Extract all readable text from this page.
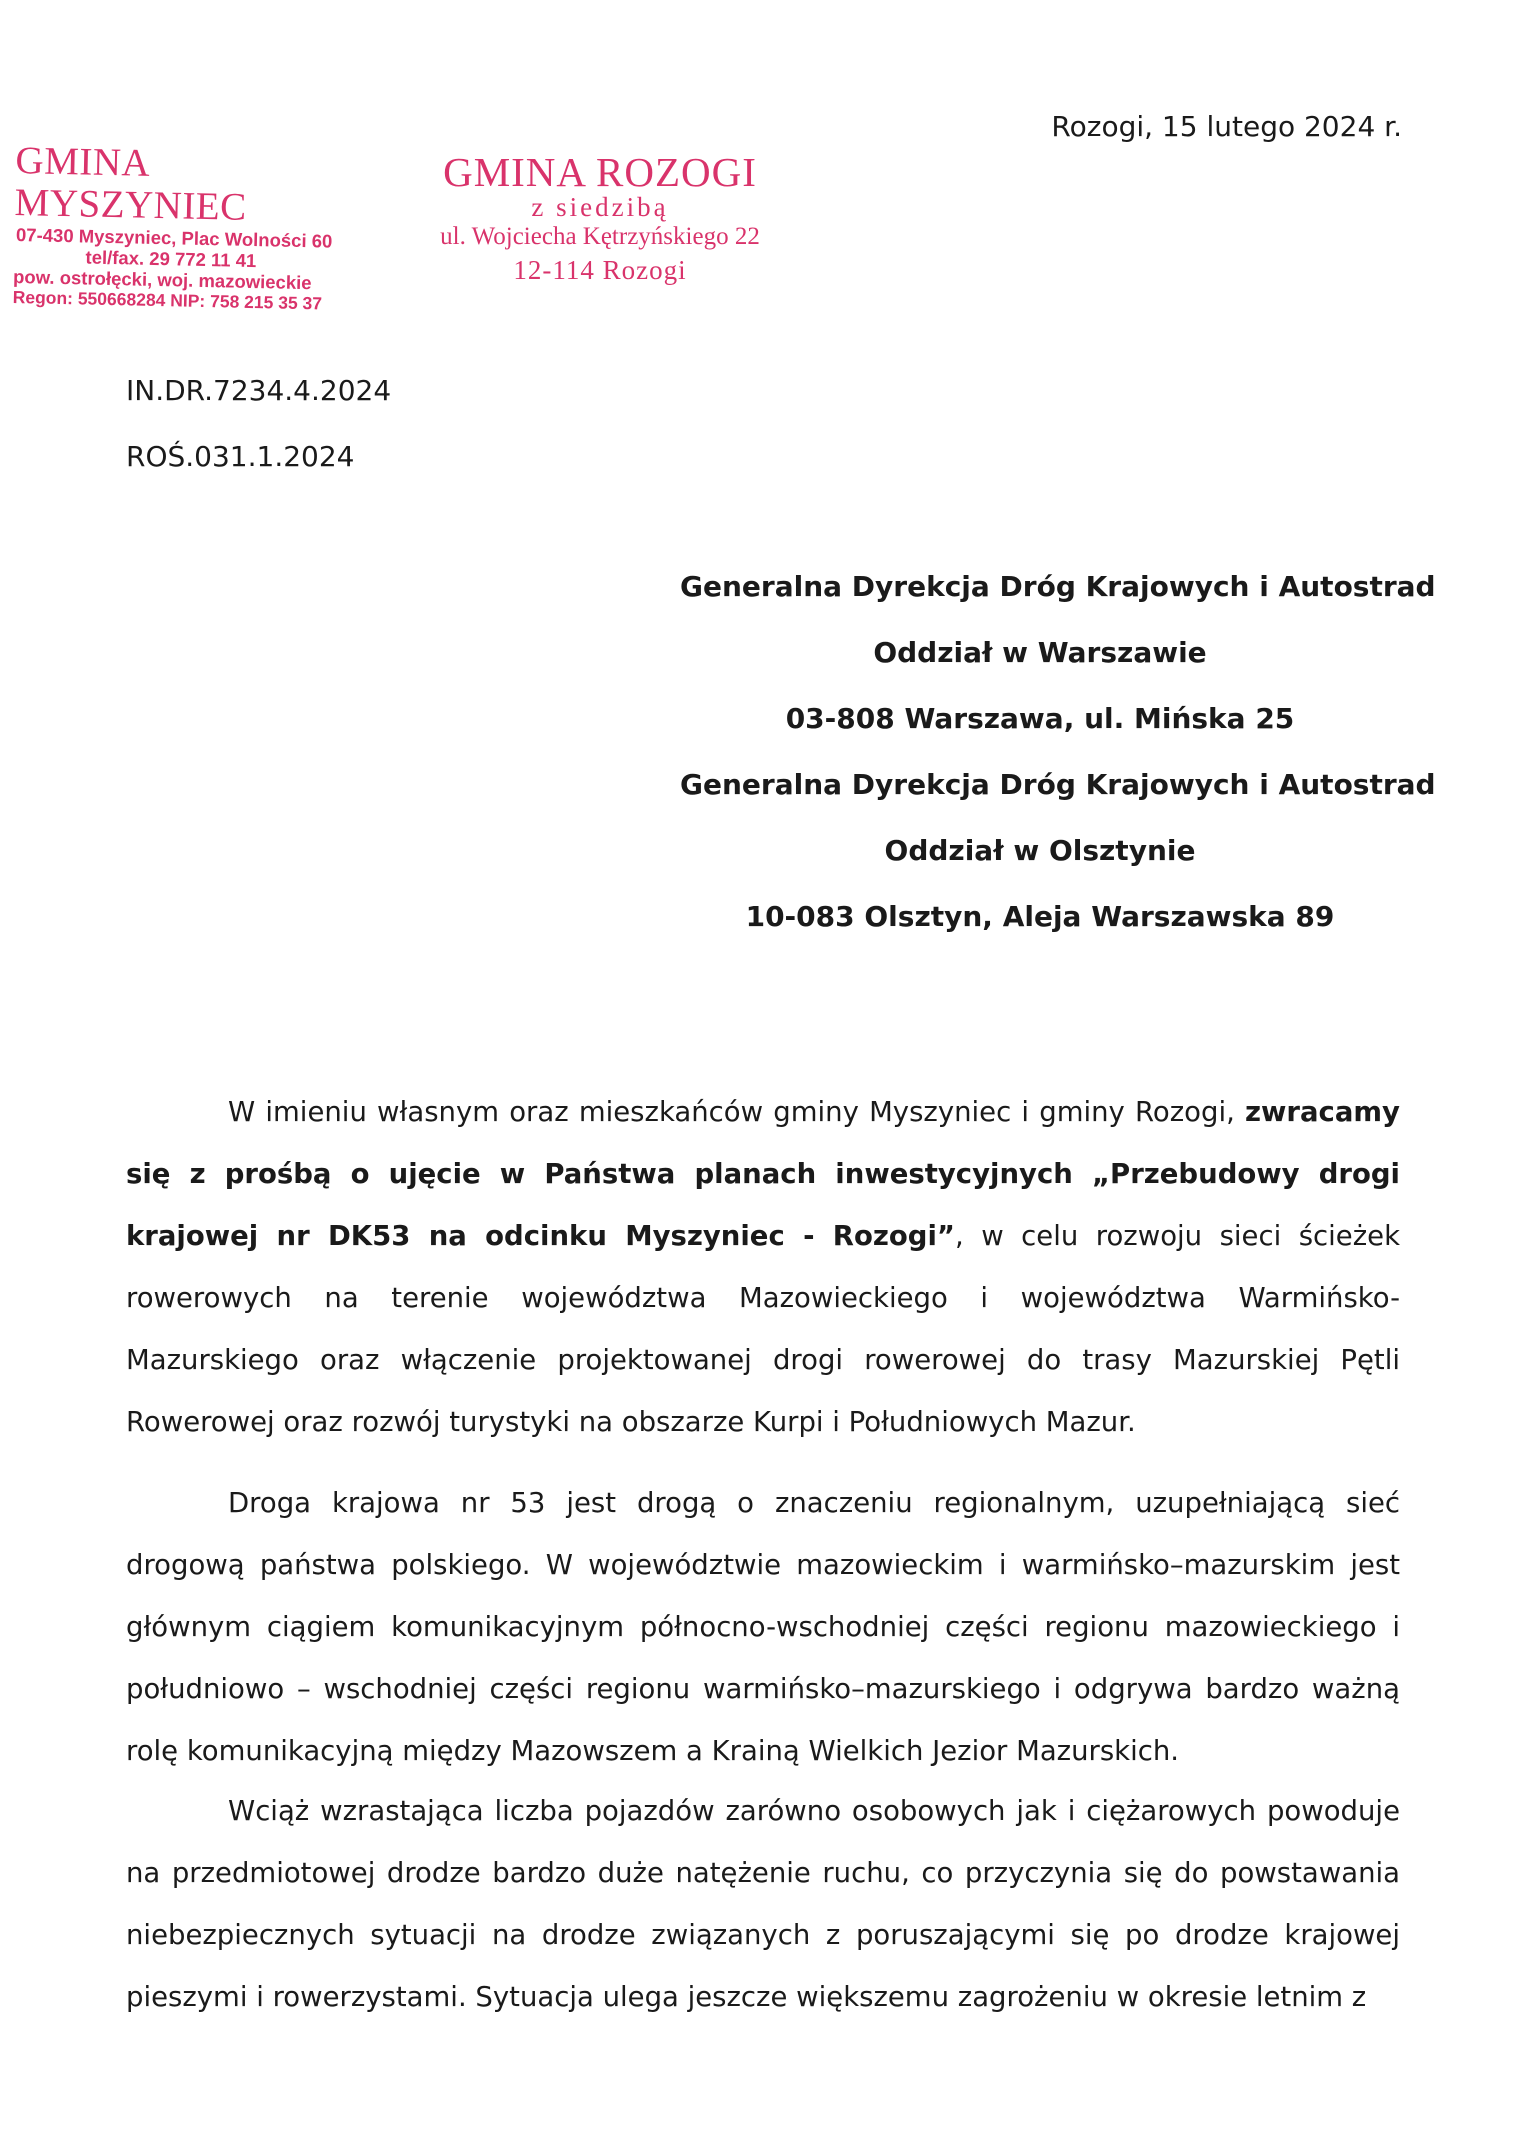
GMINA MYSZYNIEC
07-430 Myszyniec, Plac Wolności 60
tel/fax. 29 772 11 41
pow. ostrołęcki, woj. mazowieckie
Regon: 550668284 NIP: 758 215 35 37
GMINA ROZOGI
z siedzibą
ul. Wojciecha Kętrzyńskiego 22
12-114 Rozogi
Rozogi, 15 lutego 2024 r.
IN.DR.7234.4.2024
ROŚ.031.1.2024
Generalna Dyrekcja Dróg Krajowych i Autostrad
Oddział w Warszawie
03-808 Warszawa, ul. Mińska 25
Generalna Dyrekcja Dróg Krajowych i Autostrad
Oddział w Olsztynie
10-083 Olsztyn, Aleja Warszawska 89

W imieniu własnym oraz mieszkańców gminy Myszyniec i gminy Rozogi, zwracamy się z prośbą o ujęcie w Państwa planach inwestycyjnych „Przebudowy drogi krajowej nr DK53 na odcinku Myszyniec - Rozogi”, w celu rozwoju sieci ścieżek rowerowych na terenie województwa Mazowieckiego i województwa Warmińsko-Mazurskiego oraz włączenie projektowanej drogi rowerowej do trasy Mazurskiej Pętli Rowerowej oraz rozwój turystyki na obszarze Kurpi i Południowych Mazur.

Droga krajowa nr 53 jest drogą o znaczeniu regionalnym, uzupełniającą sieć drogową państwa polskiego. W województwie mazowieckim i warmińsko–mazurskim jest głównym ciągiem komunikacyjnym północno-wschodniej części regionu mazowieckiego i południowo – wschodniej części regionu warmińsko–mazurskiego i odgrywa bardzo ważną rolę komunikacyjną między Mazowszem a Krainą Wielkich Jezior Mazurskich.

Wciąż wzrastająca liczba pojazdów zarówno osobowych jak i ciężarowych powoduje na przedmiotowej drodze bardzo duże natężenie ruchu, co przyczynia się do powstawania niebezpiecznych sytuacji na drodze związanych z poruszającymi się po drodze krajowej pieszymi i rowerzystami. Sytuacja ulega jeszcze większemu zagrożeniu w okresie letnim z
